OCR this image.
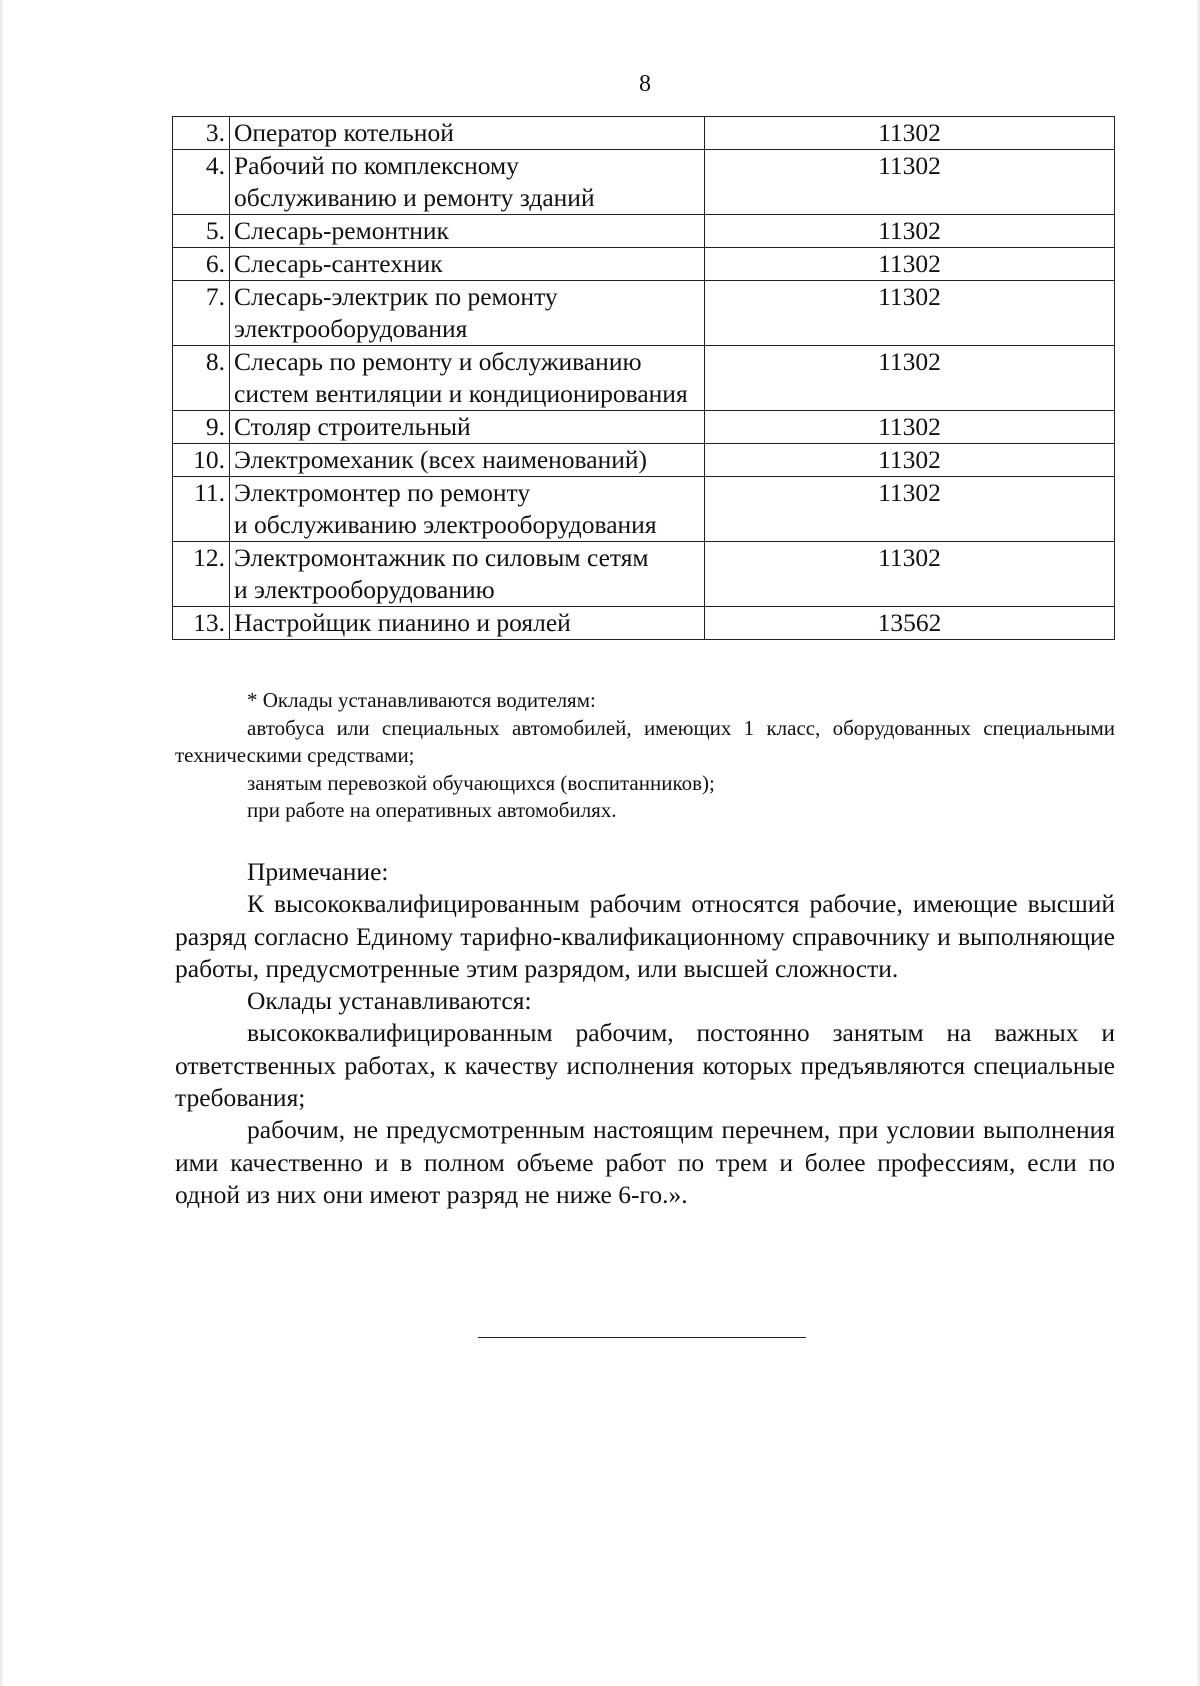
8
3.	Оператор котельной	11302
4.	Рабочий по комплексному
обслуживанию и ремонту зданий	11302
5.	Слесарь-ремонтник	11302
6.	Слесарь-сантехник	11302
7.	Слесарь-электрик по ремонту
электрооборудования	11302
8.	Слесарь по ремонту и обслуживанию
систем вентиляции и кондиционирования	11302
9.	Столяр строительный	11302
10.	Электромеханик (всех наименований)	11302
11.	Электромонтер по ремонту
и обслуживанию электрооборудования	11302
12.	Электромонтажник по силовым сетям
и электрооборудованию	11302
13.	Настройщик пианино и роялей	13562

* Оклады устанавливаются водителям:

автобуса или специальных автомобилей, имеющих 1 класс, оборудованных специальными техническими средствами;

занятым перевозкой обучающихся (воспитанников);

при работе на оперативных автомобилях.

Примечание:

К высококвалифицированным рабочим относятся рабочие, имеющие высший разряд согласно Единому тарифно-квалификационному справочнику и выполняющие работы, предусмотренные этим разрядом, или высшей сложности.

Оклады устанавливаются:

высококвалифицированным рабочим, постоянно занятым на важных и ответственных работах, к качеству исполнения которых предъявляются специальные требования;

рабочим, не предусмотренным настоящим перечнем, при условии выполнения ими качественно и в полном объеме работ по трем и более профессиям, если по одной из них они имеют разряд не ниже 6-го.».
